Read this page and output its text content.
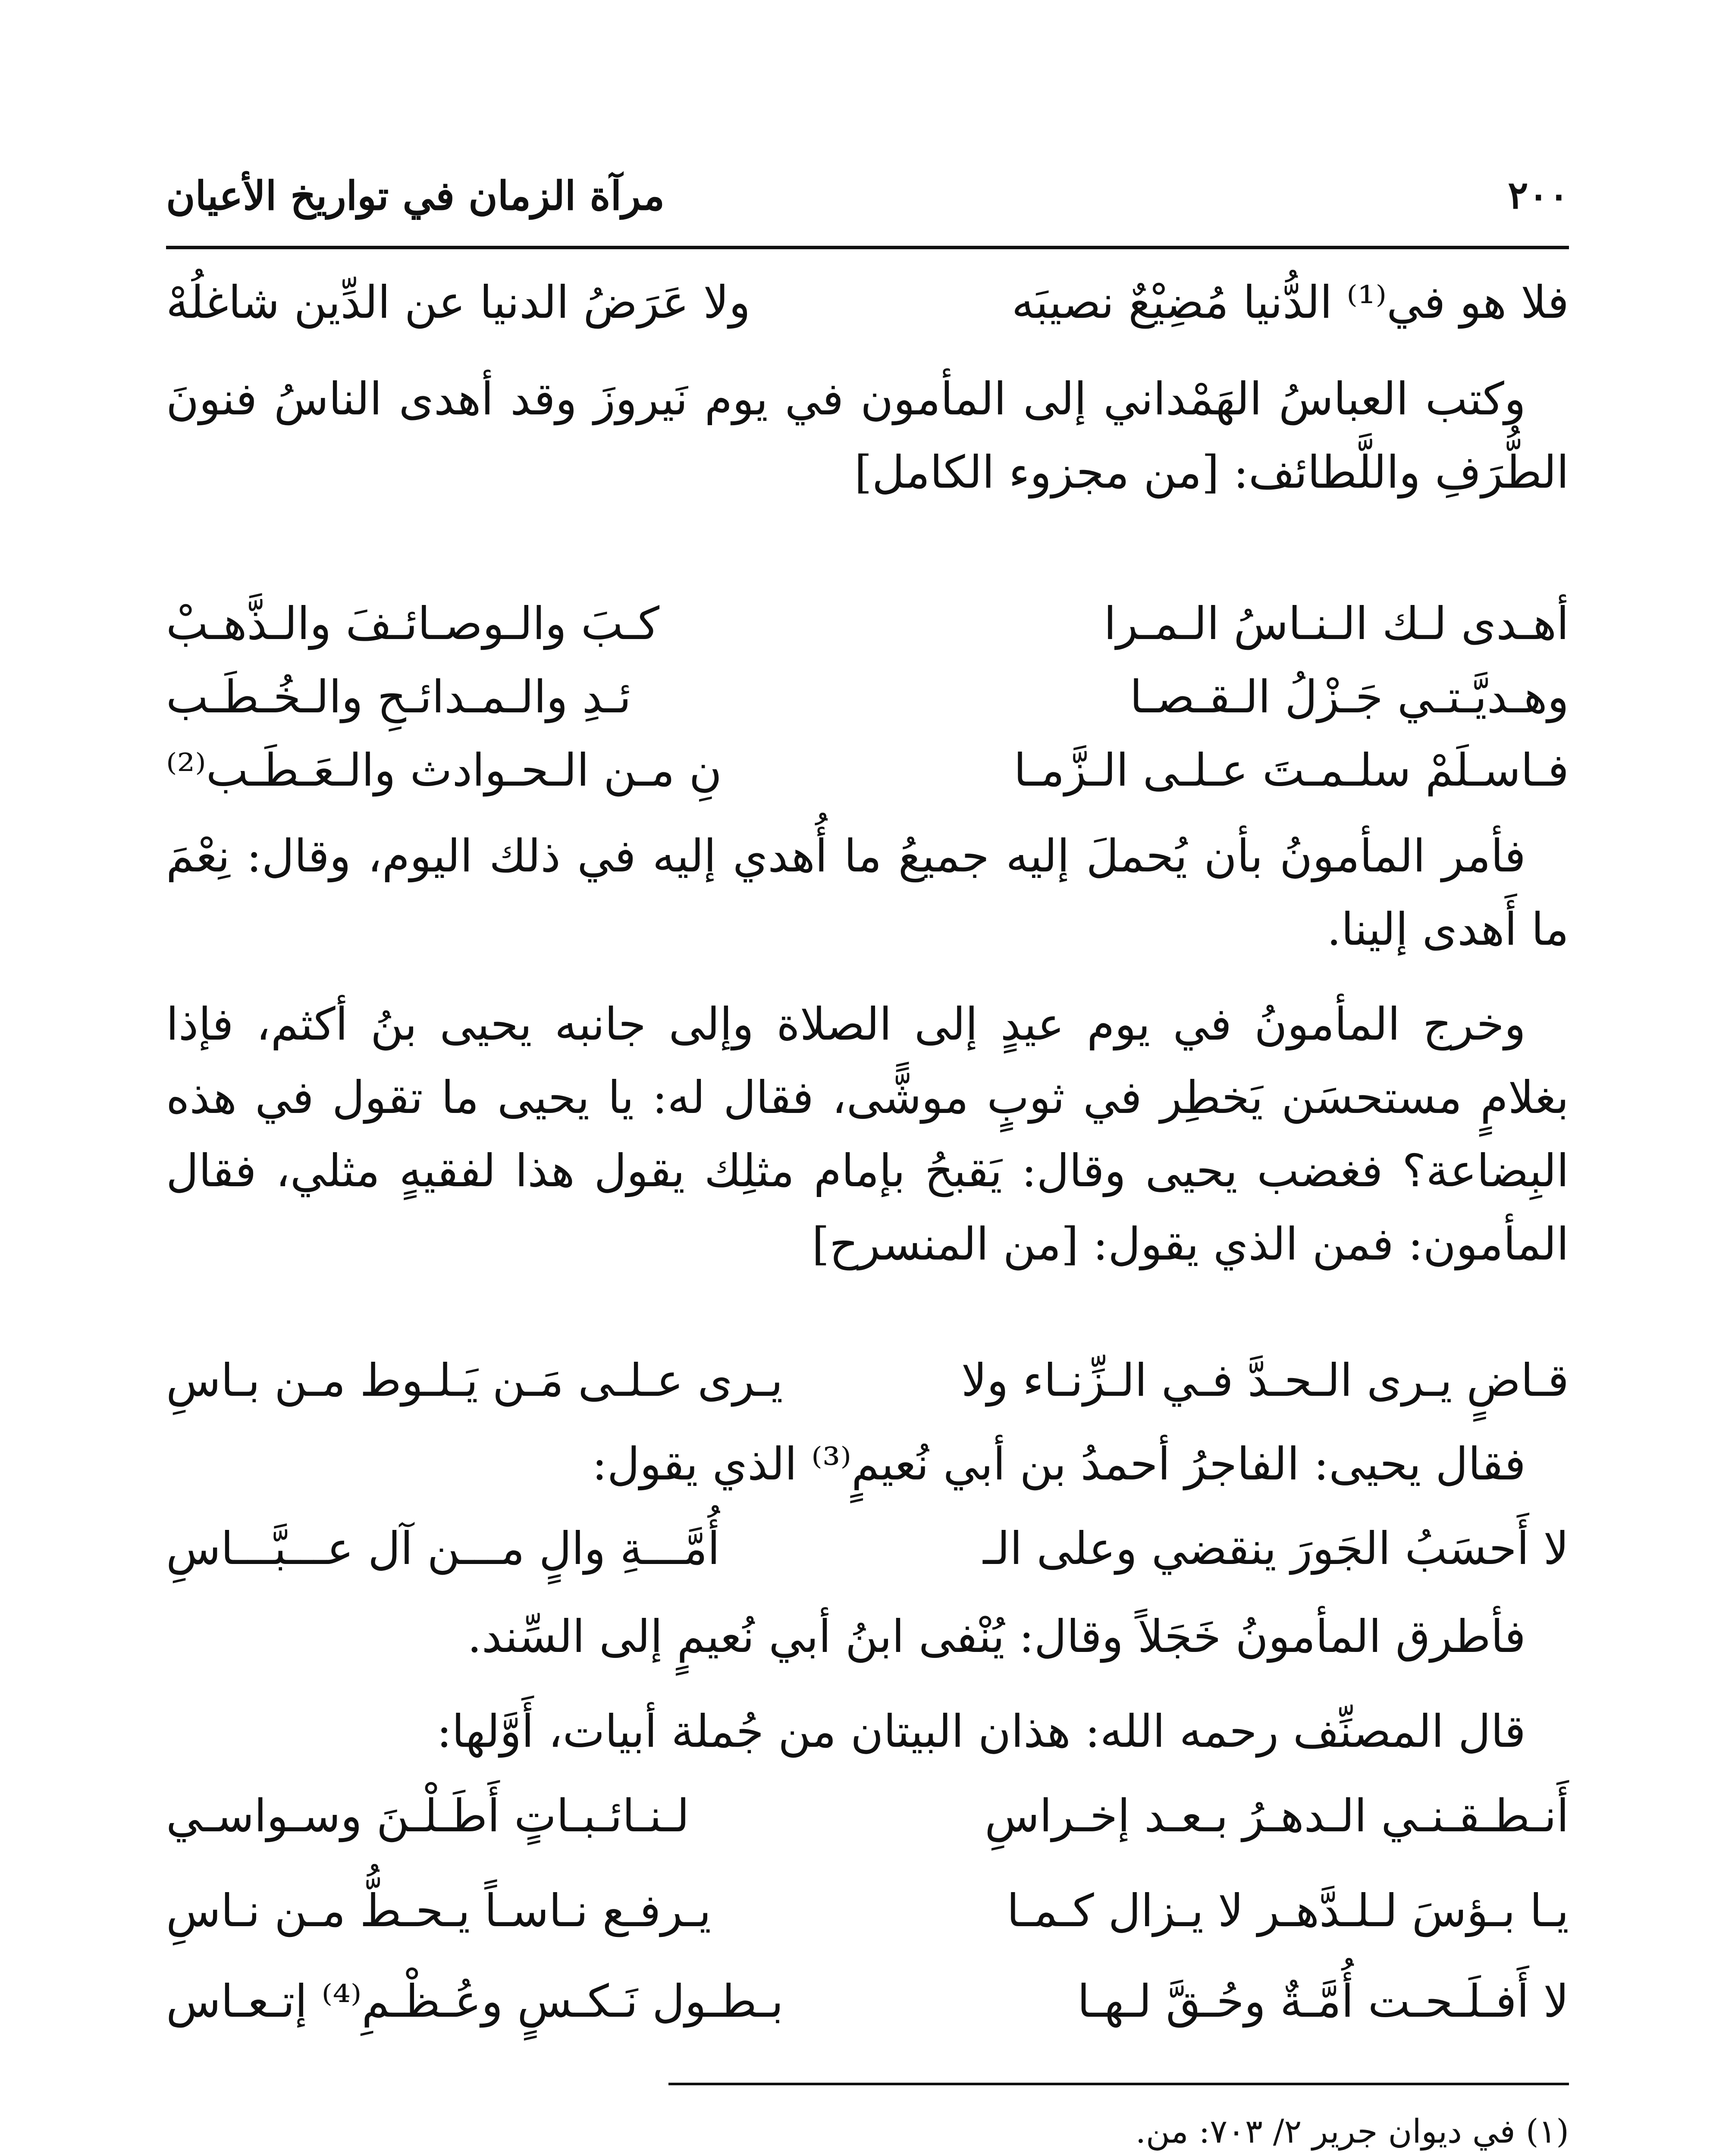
٢٠٠
مرآة الزمان في تواريخ الأعيان
فلا هو في⁽¹⁾ الدُّنيا مُضِيْعٌ نصيبَه
ولا عَرَضُ الدنيا عن الدِّين شاغلُهْ
وكتب العباسُ الهَمْداني إلى المأمون في يوم نَيروزَ وقد أهدى الناسُ فنونَ الطُّرَفِ واللَّطائف: [من مجزوء الكامل]
أهـدى لـك الـنـاسُ الـمـرا
كـبَ والـوصـائـفَ والـذَّهـبْ
وهـديَّـتـي جَـزْلُ الـقـصـا
ئـدِ والـمـدائـحِ والـخُـطَـب
فـاسـلَمْ سلـمـتَ عـلـى الـزَّمـا
نِ مـن الـحـوادث والـعَـطَـب⁽²⁾
فأمر المأمونُ بأن يُحملَ إليه جميعُ ما أُهدي إليه في ذلك اليوم، وقال: نِعْمَ ما أَهدى إلينا.
وخرج المأمونُ في يوم عيدٍ إلى الصلاة وإلى جانبه يحيى بنُ أكثم، فإذا بغلامٍ مستحسَن يَخطِر في ثوبٍ موشًّى، فقال له: يا يحيى ما تقول في هذه البِضاعة؟ فغضب يحيى وقال: يَقبحُ بإمام مثلِك يقول هذا لفقيهٍ مثلي، فقال المأمون: فمن الذي يقول: [من المنسرح]
قـاضٍ يـرى الـحـدَّ فـي الـزِّنـاء ولا
يـرى عـلـى مَـن يَـلـوط مـن بـاسِ
فقال يحيى: الفاجرُ أحمدُ بن أبي نُعيمٍ⁽³⁾ الذي يقول:
لا أَحسَبُ الجَورَ ينقضي وعلى الـ
أُمَّـــةِ والٍ مـــن آل عـــبَّـــاسِ
فأطرق المأمونُ خَجَلاً وقال: يُنْفى ابنُ أبي نُعيمٍ إلى السِّند.
قال المصنِّف رحمه الله: هذان البيتان من جُملة أبيات، أَوَّلها:
أَنـطـقـنـي الـدهـرُ بـعـد إخـراسِ
لـنـائـبـاتٍ أَطَـلْـنَ وسـواسـي
يـا بـؤسَ لـلـدَّهـر لا يـزال كـمـا
يـرفـع نـاسـاً يـحـطُّ مـن نـاسِ
لا أَفـلَـحـت أُمَّـةٌ وحُـقَّ لـهـا
بـطـول نَـكـسٍ وعُـظْـمِ⁽⁴⁾ إتـعـاس

(١) في ديوان جرير ٢/ ٧٠٣: من.
